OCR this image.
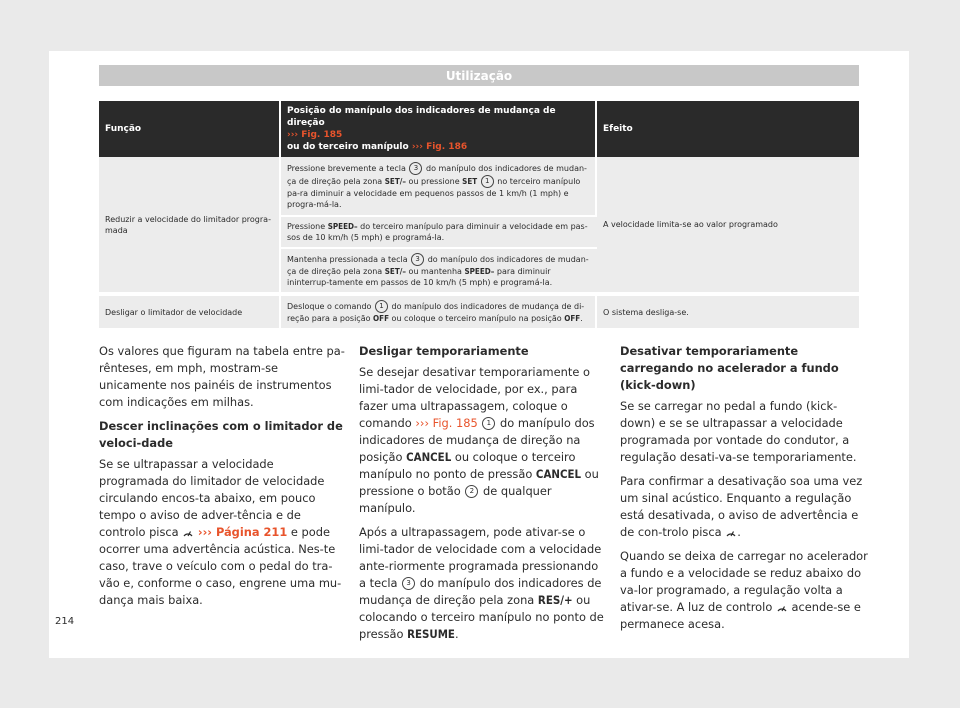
Utilização
Função	Posição do manípulo dos indicadores de mudança de direção
››› Fig. 185
ou do terceiro manípulo ››› Fig. 186	Efeito
Reduzir a velocidade do limitador progra-mada	Pressione brevemente a tecla 3 do manípulo dos indicadores de mudan-ça de direção pela zona SET/– ou pressione SET 1 no terceiro manípulo pa-ra diminuir a velocidade em pequenos passos de 1 km/h (1 mph) e progra-má-la.	A velocidade limita-se ao valor programado
	Pressione SPEED– do terceiro manípulo para diminuir a velocidade em pas-sos de 10 km/h (5 mph) e programá-la.	
	Mantenha pressionada a tecla 3 do manípulo dos indicadores de mudan-ça de direção pela zona SET/– ou mantenha SPEED– para diminuir ininterrup-tamente em passos de 10 km/h (5 mph) e programá-la.	
Desligar o limitador de velocidade	Desloque o comando 1 do manípulo dos indicadores de mudança de di-reção para a posição OFF ou coloque o terceiro manípulo na posição OFF.	O sistema desliga-se.

Os valores que figuram na tabela entre pa-rênteses, em mph, mostram-se unicamente nos painéis de instrumentos com indicações em milhas.

Descer inclinações com o limitador de veloci-dade

Se se ultrapassar a velocidade programada do limitador de velocidade circulando encos-ta abaixo, em pouco tempo o aviso de adver-tência e de controlo pisca ››› Página 211 e pode ocorrer uma advertência acústica. Nes-te caso, trave o veículo com o pedal do tra-vão e, conforme o caso, engrene uma mu-dança mais baixa.

Desligar temporariamente

Se desejar desativar temporariamente o limi-tador de velocidade, por ex., para fazer uma ultrapassagem, coloque o comando ››› Fig. 185 1 do manípulo dos indicadores de mudança de direção na posição CANCEL ou coloque o terceiro manípulo no ponto de pressão CANCEL ou pressione o botão 2 de qualquer manípulo.

Após a ultrapassagem, pode ativar-se o limi-tador de velocidade com a velocidade ante-riormente programada pressionando a tecla 3 do manípulo dos indicadores de mudança de direção pela zona RES/+ ou colocando o terceiro manípulo no ponto de pressão RESUME.

Desativar temporariamente carregando no acelerador a fundo (kick-down)

Se se carregar no pedal a fundo (kick-down) e se se ultrapassar a velocidade programada por vontade do condutor, a regulação desati-va-se temporariamente.

Para confirmar a desativação soa uma vez um sinal acústico. Enquanto a regulação está desativada, o aviso de advertência e de con-trolo pisca .

Quando se deixa de carregar no acelerador a fundo e a velocidade se reduz abaixo do va-lor programado, a regulação volta a ativar-se. A luz de controlo acende-se e permanece acesa.

214
